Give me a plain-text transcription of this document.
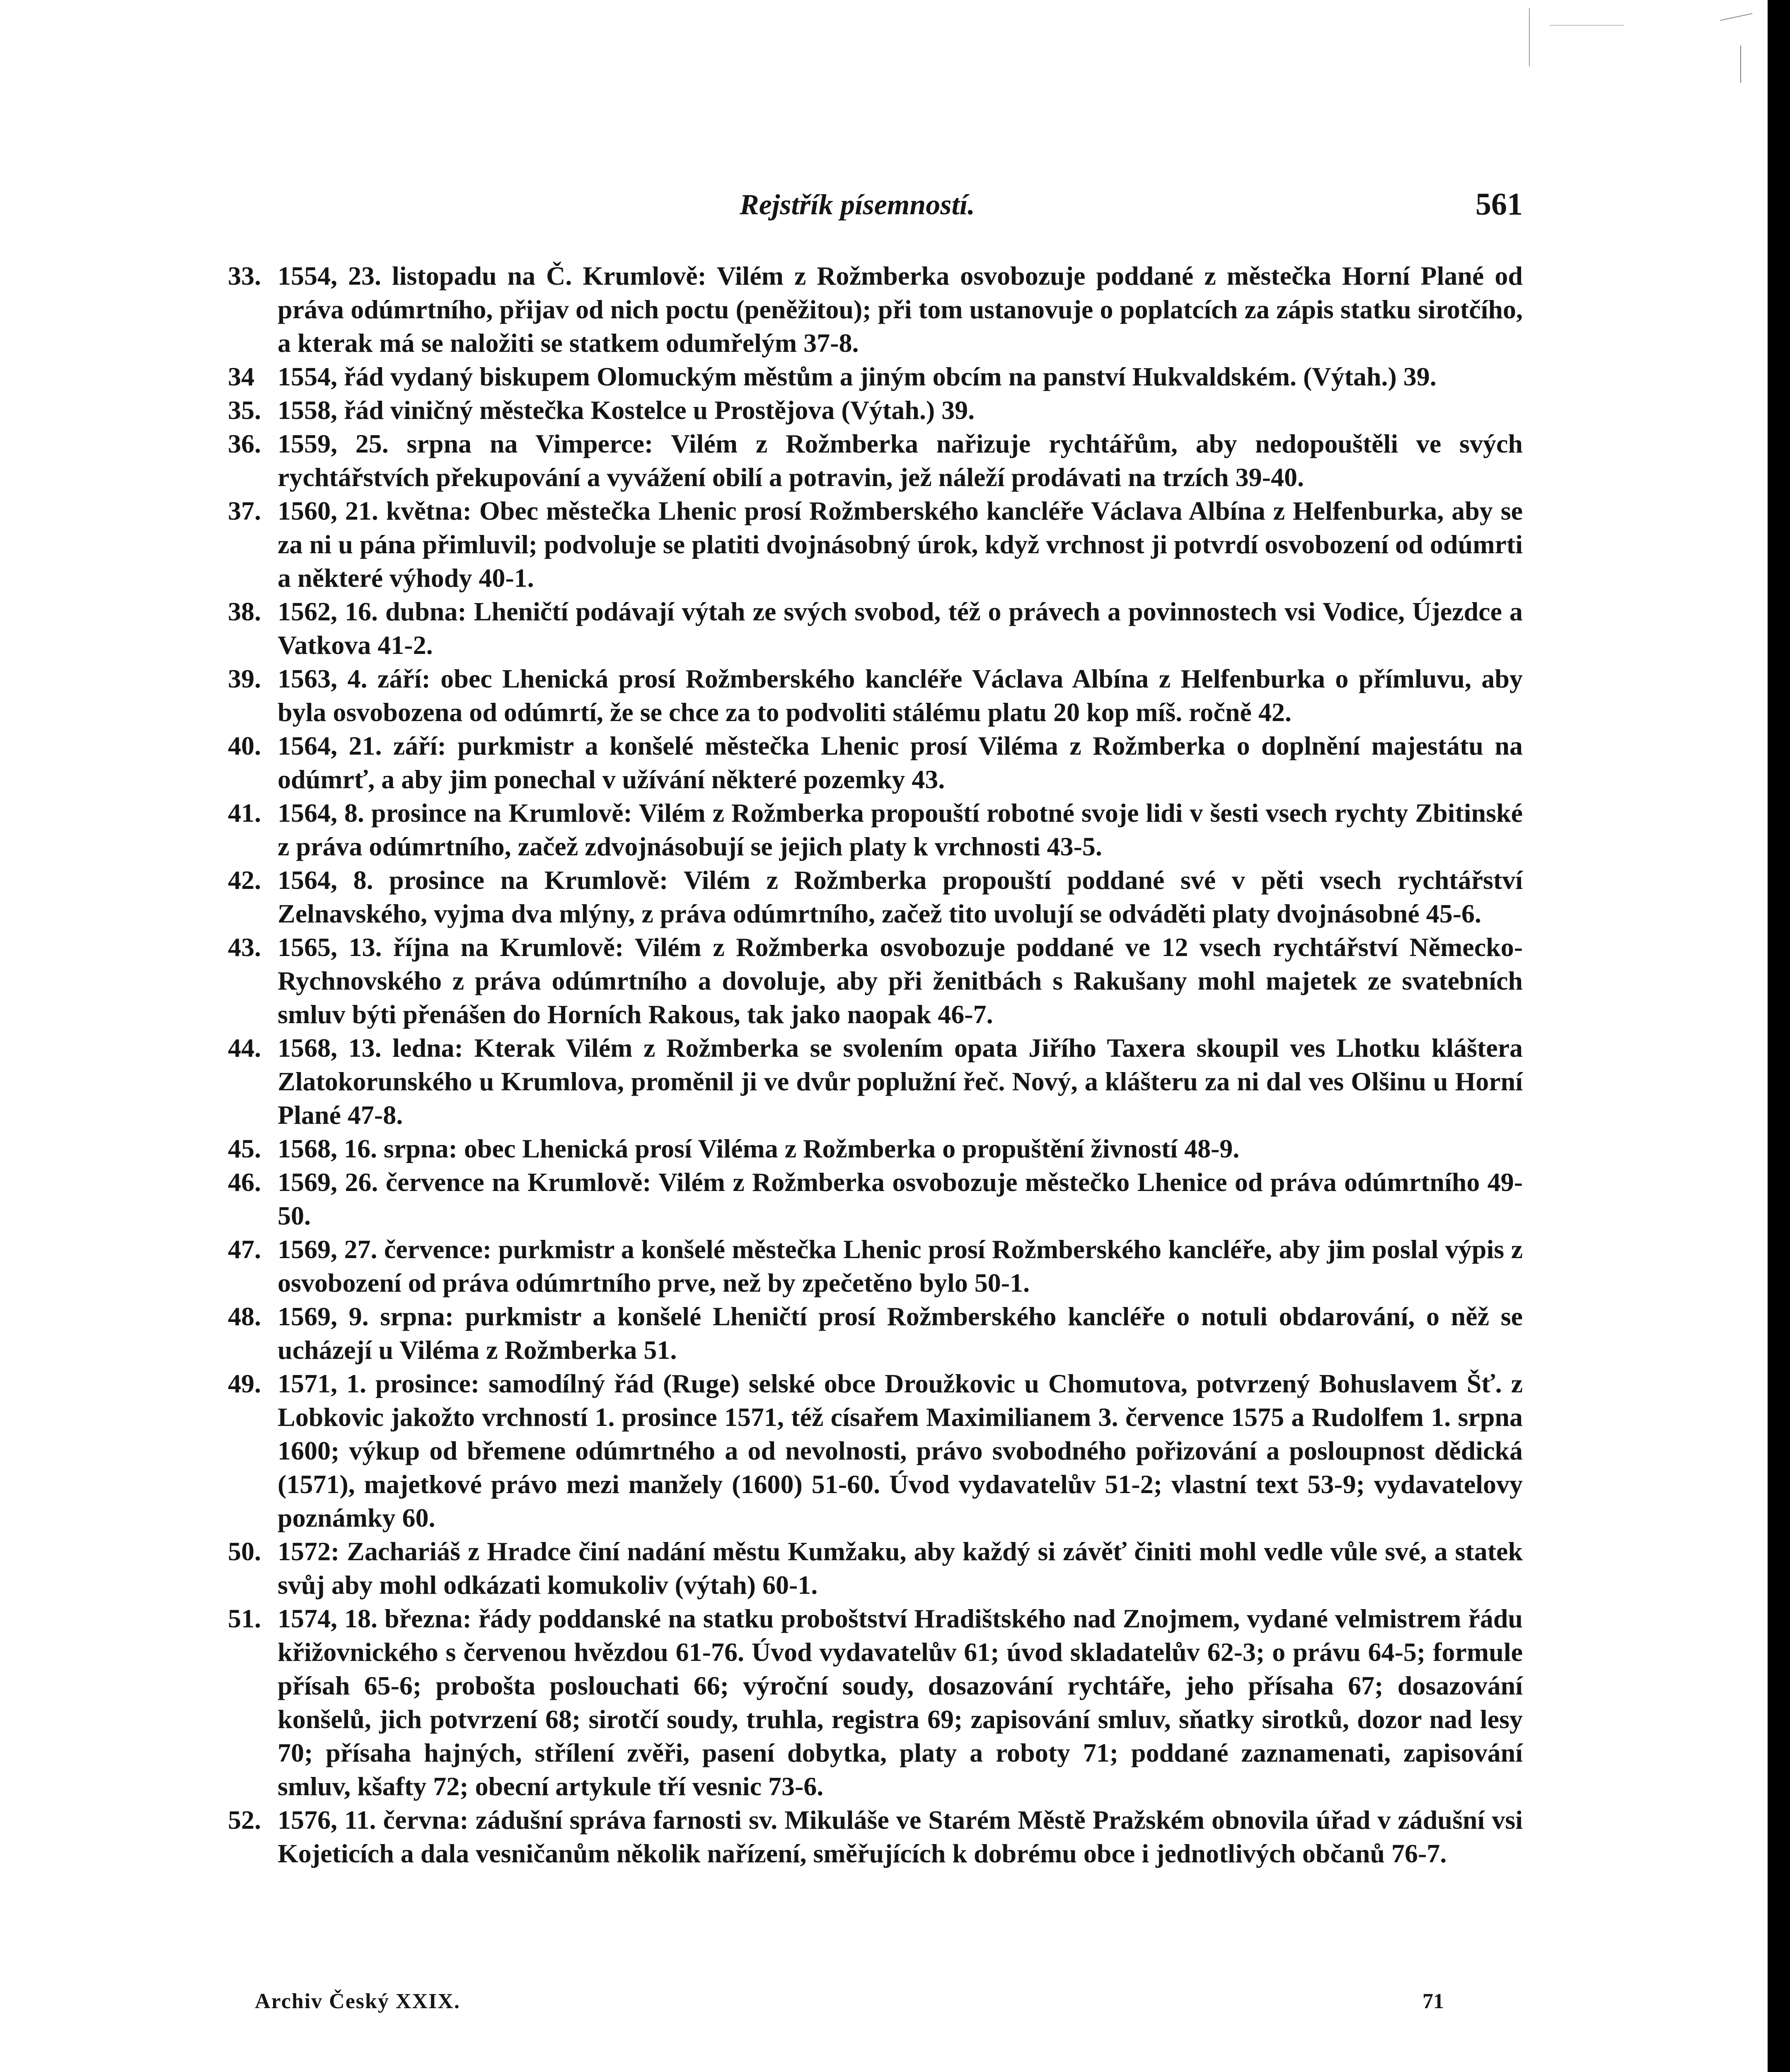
Rejstřík písemností.	561
33. 1554, 23. listopadu na Č. Krumlově: Vilém z Rožmberka osvobozuje poddané z městečka Horní Plané od práva odúmrtního, přijav od nich poctu (peněžitou); při tom ustanovuje o poplatcích za zápis statku sirotčího, a kterak má se naložiti se statkem odumřelým 37-8.
34 1554, řád vydaný biskupem Olomuckým městům a jiným obcím na panství Hukvaldském. (Výtah.) 39.
35. 1558, řád viničný městečka Kostelce u Prostějova (Výtah.) 39.
36. 1559, 25. srpna na Vimperce: Vilém z Rožmberka nařizuje rychtářům, aby nedopouštěli ve svých rychtářstvích překupování a vyvážení obilí a potravin, jež náleží prodávati na trzích 39-40.
37. 1560, 21. května: Obec městečka Lhenic prosí Rožmberského kancléře Václava Albína z Helfenburka, aby se za ni u pána přimluvil; podvoluje se platiti dvojnásobný úrok, když vrchnost ji potvrdí osvobození od odúmrti a některé výhody 40-1.
38. 1562, 16. dubna: Lheničtí podávají výtah ze svých svobod, též o právech a povinnostech vsi Vodice, Újezdce a Vatkova 41-2.
39. 1563, 4. září: obec Lhenická prosí Rožmberského kancléře Václava Albína z Helfenburka o přímluvu, aby byla osvobozena od odúmrtí, že se chce za to podvoliti stálému platu 20 kop míš. ročně 42.
40. 1564, 21. září: purkmistr a konšelé městečka Lhenic prosí Viléma z Rožmberka o doplnění majestátu na odúmrť, a aby jim ponechal v užívání některé pozemky 43.
41. 1564, 8. prosince na Krumlově: Vilém z Rožmberka propouští robotné svoje lidi v šesti vsech rychty Zbitinské z práva odúmrtního, začež zdvojnásobují se jejich platy k vrchnosti 43-5.
42. 1564, 8. prosince na Krumlově: Vilém z Rožmberka propouští poddané své v pěti vsech rychtářství Zelnavského, vyjma dva mlýny, z práva odúmrtního, začež tito uvolují se odváděti platy dvojnásobné 45-6.
43. 1565, 13. října na Krumlově: Vilém z Rožmberka osvobozuje poddané ve 12 vsech rychtářství Německo-Rychnovského z práva odúmrtního a dovoluje, aby při ženitbách s Rakušany mohl majetek ze svatebních smluv býti přenášen do Horních Rakous, tak jako naopak 46-7.
44. 1568, 13. ledna: Kterak Vilém z Rožmberka se svolením opata Jiřího Taxera skoupil ves Lhotku kláštera Zlatokorunského u Krumlova, proměnil ji ve dvůr poplužní řeč. Nový, a klášteru za ni dal ves Olšinu u Horní Plané 47-8.
45. 1568, 16. srpna: obec Lhenická prosí Viléma z Rožmberka o propuštění živností 48-9.
46. 1569, 26. července na Krumlově: Vilém z Rožmberka osvobozuje městečko Lhenice od práva odúmrtního 49-50.
47. 1569, 27. července: purkmistr a konšelé městečka Lhenic prosí Rožmberského kancléře, aby jim poslal výpis z osvobození od práva odúmrtního prve, než by zpečetěno bylo 50-1.
48. 1569, 9. srpna: purkmistr a konšelé Lheničtí prosí Rožmberského kancléře o notuli obdarování, o něž se ucházejí u Viléma z Rožmberka 51.
49. 1571, 1. prosince: samodílný řád (Ruge) selské obce Droužkovic u Chomutova, potvrzený Bohuslavem Šť. z Lobkovic jakožto vrchností 1. prosince 1571, též císařem Maximilianem 3. července 1575 a Rudolfem 1. srpna 1600; výkup od břemene odúmrtného a od nevolnosti, právo svobodného pořizování a posloupnost dědická (1571), majetkové právo mezi manžely (1600) 51-60. Úvod vydavatelův 51-2; vlastní text 53-9; vydavatelovy poznámky 60.
50. 1572: Zachariáš z Hradce činí nadání městu Kumžaku, aby každý si závěť činiti mohl vedle vůle své, a statek svůj aby mohl odkázati komukoliv (výtah) 60-1.
51. 1574, 18. března: řády poddanské na statku proboštství Hradištského nad Znojmem, vydané velmistrem řádu křižovnického s červenou hvězdou 61-76. Úvod vydavatelův 61; úvod skladatelův 62-3; o právu 64-5; formule přísah 65-6; probošta poslouchati 66; výroční soudy, dosazování rychtáře, jeho přísaha 67; dosazování konšelů, jich potvrzení 68; sirotčí soudy, truhla, registra 69; zapisování smluv, sňatky sirotků, dozor nad lesy 70; přísaha hajných, střílení zvěři, pasení dobytka, platy a roboty 71; poddané zaznamenati, zapisování smluv, kšafty 72; obecní artykule tří vesnic 73-6.
52. 1576, 11. června: zádušní správa farnosti sv. Mikuláše ve Starém Městě Pražském obnovila úřad v zádušní vsi Kojeticích a dala vesničanům několik nařízení, směřujících k dobrému obce i jednotlivých občanů 76-7.
Archiv Český XXIX.	71
